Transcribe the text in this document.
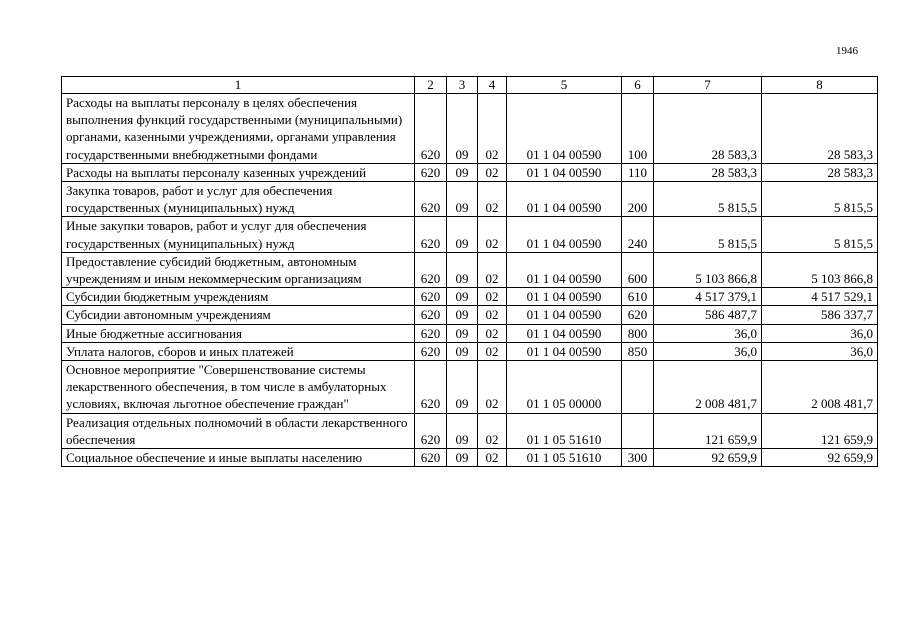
1946
1	2	3	4	5	6	7	8
Расходы на выплаты персоналу в целях обеспечения выполнения функций государственными (муниципальными) органами, казенными учреждениями, органами управления государственными внебюджетными фондами	620	09	02	01 1 04 00590	100	28 583,3	28 583,3
Расходы на выплаты персоналу казенных учреждений	620	09	02	01 1 04 00590	110	28 583,3	28 583,3
Закупка товаров, работ и услуг для обеспечения государственных (муниципальных) нужд	620	09	02	01 1 04 00590	200	5 815,5	5 815,5
Иные закупки товаров, работ и услуг для обеспечения государственных (муниципальных) нужд	620	09	02	01 1 04 00590	240	5 815,5	5 815,5
Предоставление субсидий бюджетным, автономным учреждениям и иным некоммерческим организациям	620	09	02	01 1 04 00590	600	5 103 866,8	5 103 866,8
Субсидии бюджетным учреждениям	620	09	02	01 1 04 00590	610	4 517 379,1	4 517 529,1
Субсидии автономным учреждениям	620	09	02	01 1 04 00590	620	586 487,7	586 337,7
Иные бюджетные ассигнования	620	09	02	01 1 04 00590	800	36,0	36,0
Уплата налогов, сборов и иных платежей	620	09	02	01 1 04 00590	850	36,0	36,0
Основное мероприятие "Совершенствование системы лекарственного обеспечения, в том числе в амбулаторных условиях, включая льготное обеспечение граждан"	620	09	02	01 1 05 00000		2 008 481,7	2 008 481,7
Реализация отдельных полномочий в области лекарственного обеспечения	620	09	02	01 1 05 51610		121 659,9	121 659,9
Социальное обеспечение и иные выплаты населению	620	09	02	01 1 05 51610	300	92 659,9	92 659,9
